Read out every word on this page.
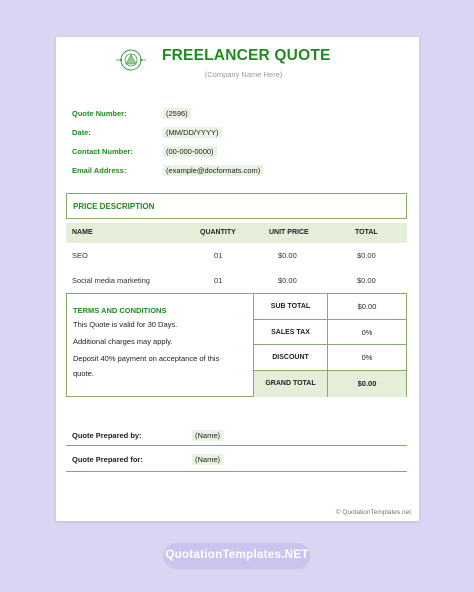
FREELANCER QUOTE
(Company Name Here)
Quote Number:	(2596)
Date:	(MM/DD/YYYY)
Contact Number:	(00-000-0000)
Email Address:	(example@docformats.com)
PRICE DESCRIPTION
NAME	QUANTITY	UNIT PRICE	TOTAL
SEO	01	$0.00	$0.00
Social media marketing	01	$0.00	$0.00
TERMS AND CONDITIONS
This Quote is valid for 30 Days.
Additional charges may apply.
Deposit 40% payment on acceptance of this
quote.
SUB TOTAL	$0.00
SALES TAX	0%
DISCOUNT	0%
GRAND TOTAL	$0.00
Quote Prepared by:	(Name)
Quote Prepared for:	(Name)
© QuotationTemplates.net
QuotationTemplates.NET
